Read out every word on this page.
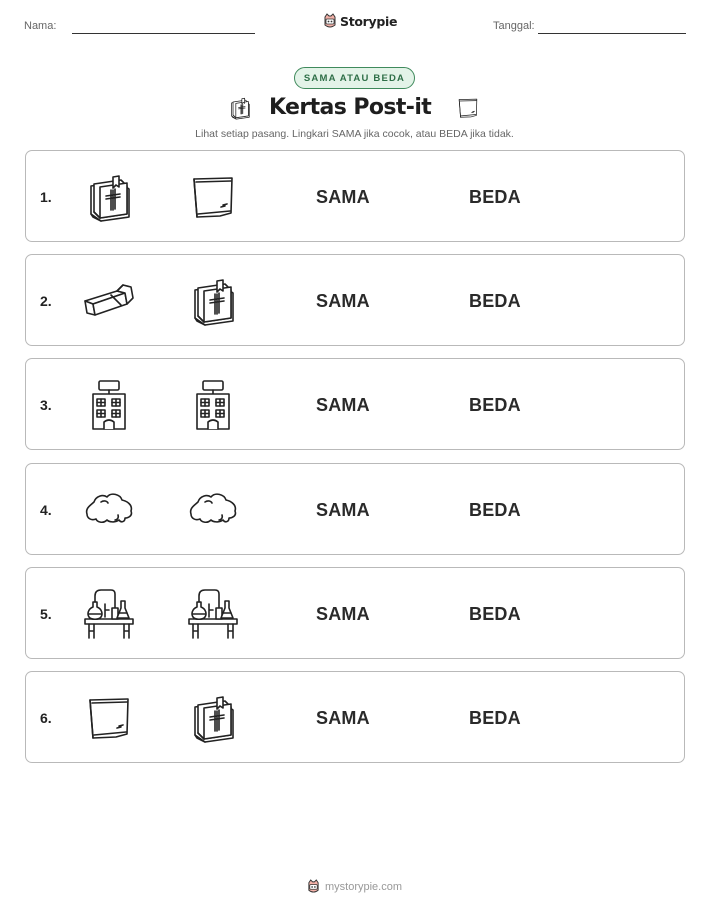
Nama:	Storypie	Tanggal:
SAMA ATAU BEDA
Kertas Post-it
Lihat setiap pasang. Lingkari SAMA jika cocok, atau BEDA jika tidak.
1.	SAMA	BEDA
2.	SAMA	BEDA
3.	SAMA	BEDA
4.	SAMA	BEDA
5.	SAMA	BEDA
6.	SAMA	BEDA
mystorypie.com
